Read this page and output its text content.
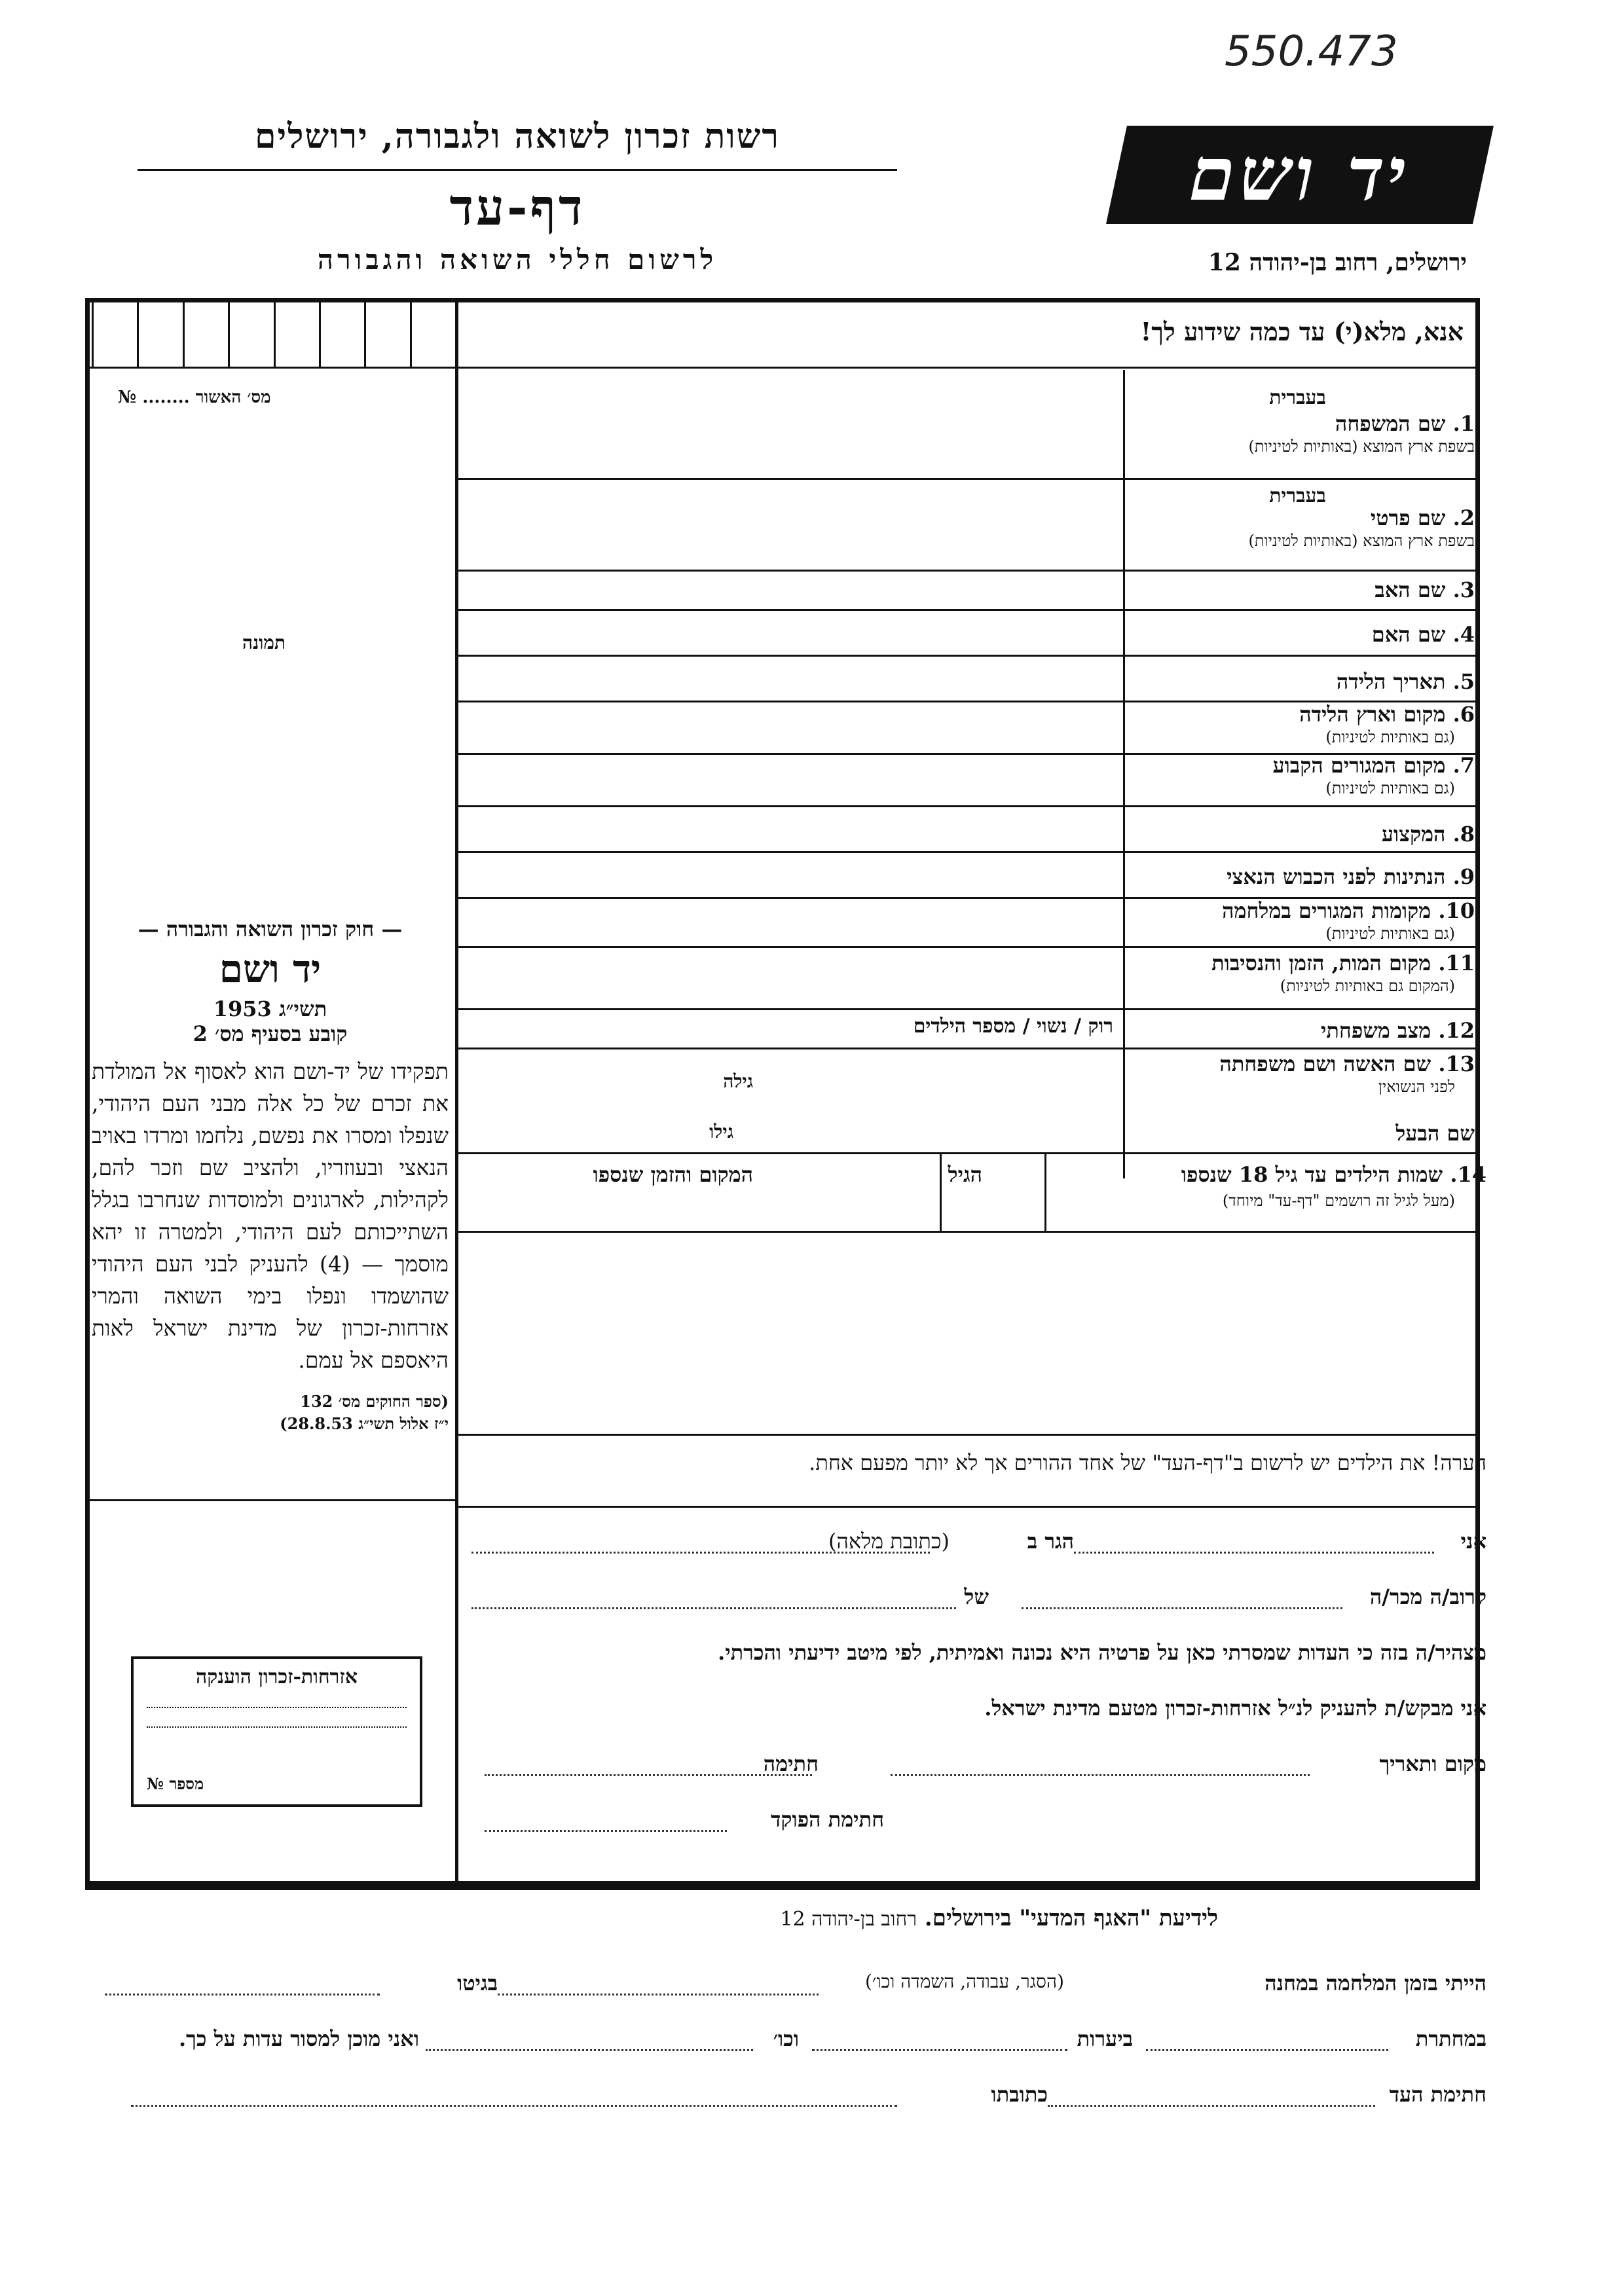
550.473
רשות זכרון לשואה ולגבורה, ירושלים
דף-עד
לרשום חללי השואה והגבורה
יד ושם
ירושלים, רחוב בן-יהודה 12
אנא, מלא(י) עד כמה שידוע לך!
מס׳ האשור ........ №
תמונה
— חוק זכרון השואה והגבורה —
יד ושם
תשי״ג 1953
קובע בסעיף מס׳ 2
תפקידו של יד-ושם הוא לאסוף אל המולדת את זכרם של כל אלה מבני העם היהודי, שנפלו ומסרו את נפשם, נלחמו ומרדו באויב הנאצי ובעוזריו, ולהציב שם וזכר להם, לקהילות, לארגונים ולמוסדות שנחרבו בגלל השתייכותם לעם היהודי, ולמטרה זו יהא מוסמך — (4) להעניק לבני העם היהודי שהושמדו ונפלו בימי השואה והמרי אזרחות-זכרון של מדינת ישראל לאות היאספם אל עמם.
(ספר החוקים מס׳ 132
י״ז אלול תשי״ג 28.8.53)
אזרחות-זכרון הוענקה
מספר №
בעברית
בעברית
1. שם המשפחה
בשפת ארץ המוצא (באותיות לטיניות)
2. שם פרטי
בשפת ארץ המוצא (באותיות לטיניות)
3. שם האב
4. שם האם
5. תאריך הלידה
6. מקום וארץ הלידה
(גם באותיות לטיניות)
7. מקום המגורים הקבוע
(גם באותיות לטיניות)
8. המקצוע
9. הנתינות לפני הכבוש הנאצי
10. מקומות המגורים במלחמה
(גם באותיות לטיניות)
11. מקום המות, הזמן והנסיבות
(המקום גם באותיות לטיניות)
12. מצב משפחתי
רוק / נשוי / מספר הילדים
13. שם האשה ושם משפחתה
לפני הנשואין
גילה
שם הבעל
גילו
14. שמות הילדים עד גיל 18 שנספו
(מעל לגיל זה רושמים "דף-עד" מיוחד)
הגיל
המקום והזמן שנספו
הערה! את הילדים יש לרשום ב"דף-העד" של אחד ההורים אך לא יותר מפעם אחת.
אני
הגר ב
(כתובת מלאה)
קרוב/ה מכר/ה
של
מצהיר/ה בזה כי העדות שמסרתי כאן על פרטיה היא נכונה ואמיתית, לפי מיטב ידיעתי והכרתי.
אני מבקש/ת להעניק לנ״ל אזרחות-זכרון מטעם מדינת ישראל.
מקום ותאריך
חתימה
חתימת הפוקד
לידיעת "האגף המדעי" בירושלים. רחוב בן-יהודה 12
הייתי בזמן המלחמה במחנה
(הסגר, עבודה, השמדה וכו׳)
בגיטו
במחתרת
ביערות
וכו׳
ואני מוכן למסור עדות על כך.
חתימת העד
כתובתו
